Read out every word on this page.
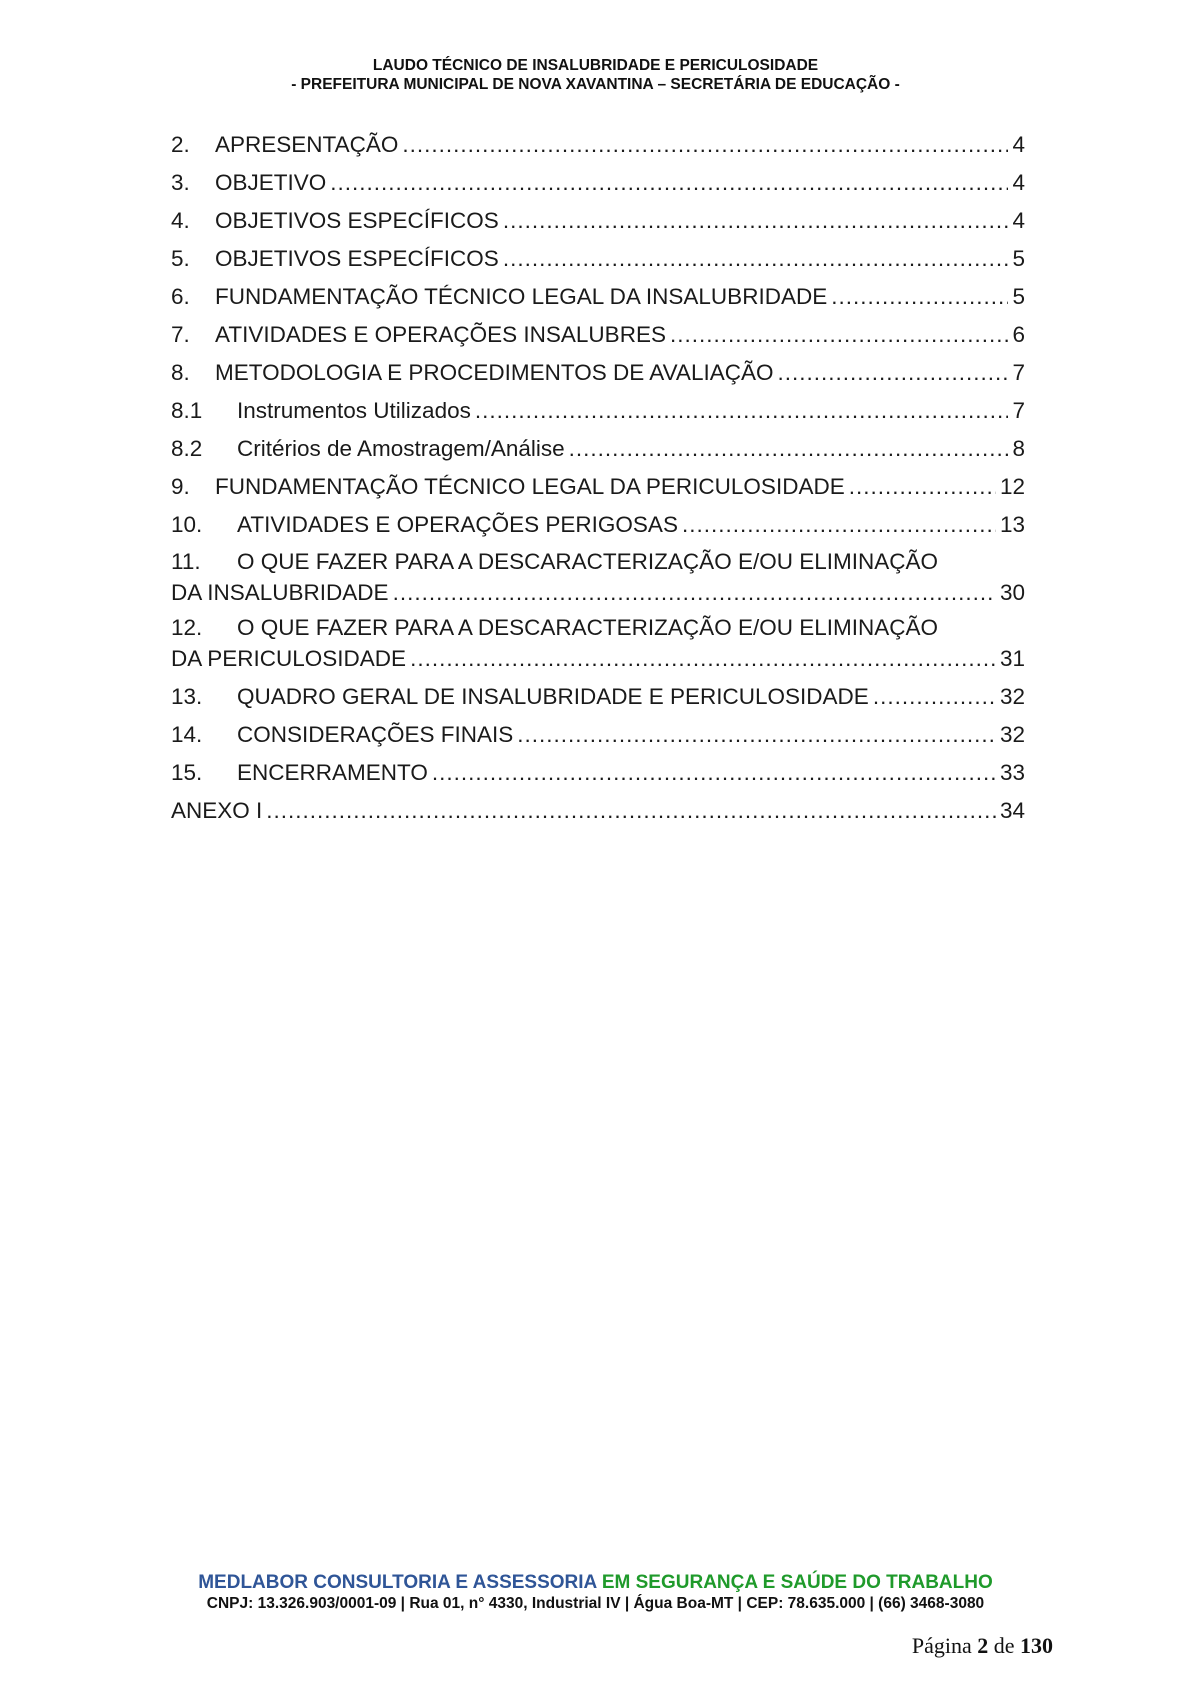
LAUDO TÉCNICO DE INSALUBRIDADE E PERICULOSIDADE
- PREFEITURA MUNICIPAL DE NOVA XAVANTINA – SECRETÁRIA DE EDUCAÇÃO -
2.	APRESENTAÇÃO .....	4
3.	OBJETIVO .....	4
4.	OBJETIVOS ESPECÍFICOS .....	4
5.	OBJETIVOS ESPECÍFICOS .....	5
6.	FUNDAMENTAÇÃO TÉCNICO LEGAL DA INSALUBRIDADE .....	5
7.	ATIVIDADES E OPERAÇÕES INSALUBRES .....	6
8.	METODOLOGIA E PROCEDIMENTOS DE AVALIAÇÃO .....	7
8.1	Instrumentos Utilizados .....	7
8.2	Critérios de Amostragem/Análise .....	8
9.	FUNDAMENTAÇÃO TÉCNICO LEGAL DA PERICULOSIDADE .....	12
10.	ATIVIDADES E OPERAÇÕES PERIGOSAS .....	13
11. O QUE FAZER PARA A DESCARACTERIZAÇÃO E/OU ELIMINAÇÃO
DA INSALUBRIDADE .....	30
12. O QUE FAZER PARA A DESCARACTERIZAÇÃO E/OU ELIMINAÇÃO
DA PERICULOSIDADE .....	31
13.	QUADRO GERAL DE INSALUBRIDADE E PERICULOSIDADE .....	32
14.	CONSIDERAÇÕES FINAIS .....	32
15.	ENCERRAMENTO .....	33
ANEXO I .....	34
MEDLABOR CONSULTORIA E ASSESSORIA EM SEGURANÇA E SAÚDE DO TRABALHO
CNPJ: 13.326.903/0001-09 | Rua 01, n° 4330, Industrial IV | Água Boa-MT | CEP: 78.635.000 | (66) 3468-3080
Página 2 de 130
